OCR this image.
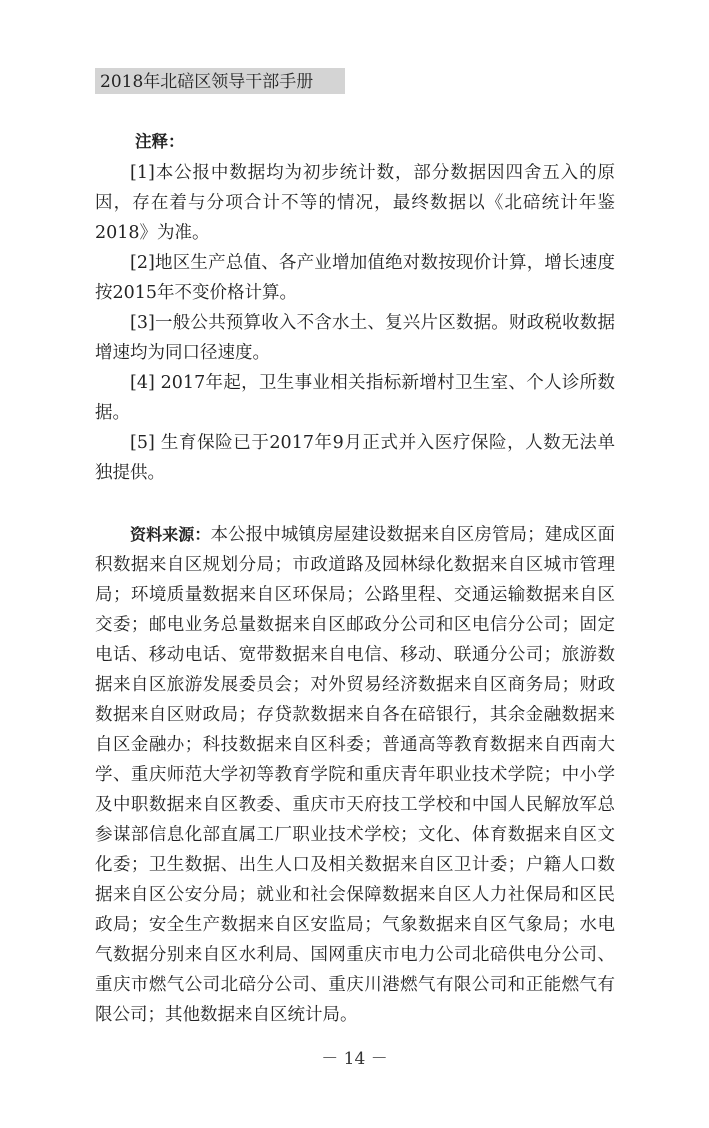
2018年北碚区领导干部手册
注释：

[1]本公报中数据均为初步统计数，部分数据因四舍五入的原因，存在着与分项合计不等的情况，最终数据以《北碚统计年鉴2018》为准。

[2]地区生产总值、各产业增加值绝对数按现价计算，增长速度按2015年不变价格计算。

[3]一般公共预算收入不含水土、复兴片区数据。财政税收数据增速均为同口径速度。

[4] 2017年起，卫生事业相关指标新增村卫生室、个人诊所数据。

[5] 生育保险已于2017年9月正式并入医疗保险，人数无法单独提供。

资料来源：本公报中城镇房屋建设数据来自区房管局；建成区面积数据来自区规划分局；市政道路及园林绿化数据来自区城市管理局；环境质量数据来自区环保局；公路里程、交通运输数据来自区交委；邮电业务总量数据来自区邮政分公司和区电信分公司；固定电话、移动电话、宽带数据来自电信、移动、联通分公司；旅游数据来自区旅游发展委员会；对外贸易经济数据来自区商务局；财政数据来自区财政局；存贷款数据来自各在碚银行，其余金融数据来自区金融办；科技数据来自区科委；普通高等教育数据来自西南大学、重庆师范大学初等教育学院和重庆青年职业技术学院；中小学及中职数据来自区教委、重庆市天府技工学校和中国人民解放军总参谋部信息化部直属工厂职业技术学校；文化、体育数据来自区文化委；卫生数据、出生人口及相关数据来自区卫计委；户籍人口数据来自区公安分局；就业和社会保障数据来自区人力社保局和区民政局；安全生产数据来自区安监局；气象数据来自区气象局；水电气数据分别来自区水利局、国网重庆市电力公司北碚供电分公司、重庆市燃气公司北碚分公司、重庆川港燃气有限公司和正能燃气有限公司；其他数据来自区统计局。

－ 14 －
